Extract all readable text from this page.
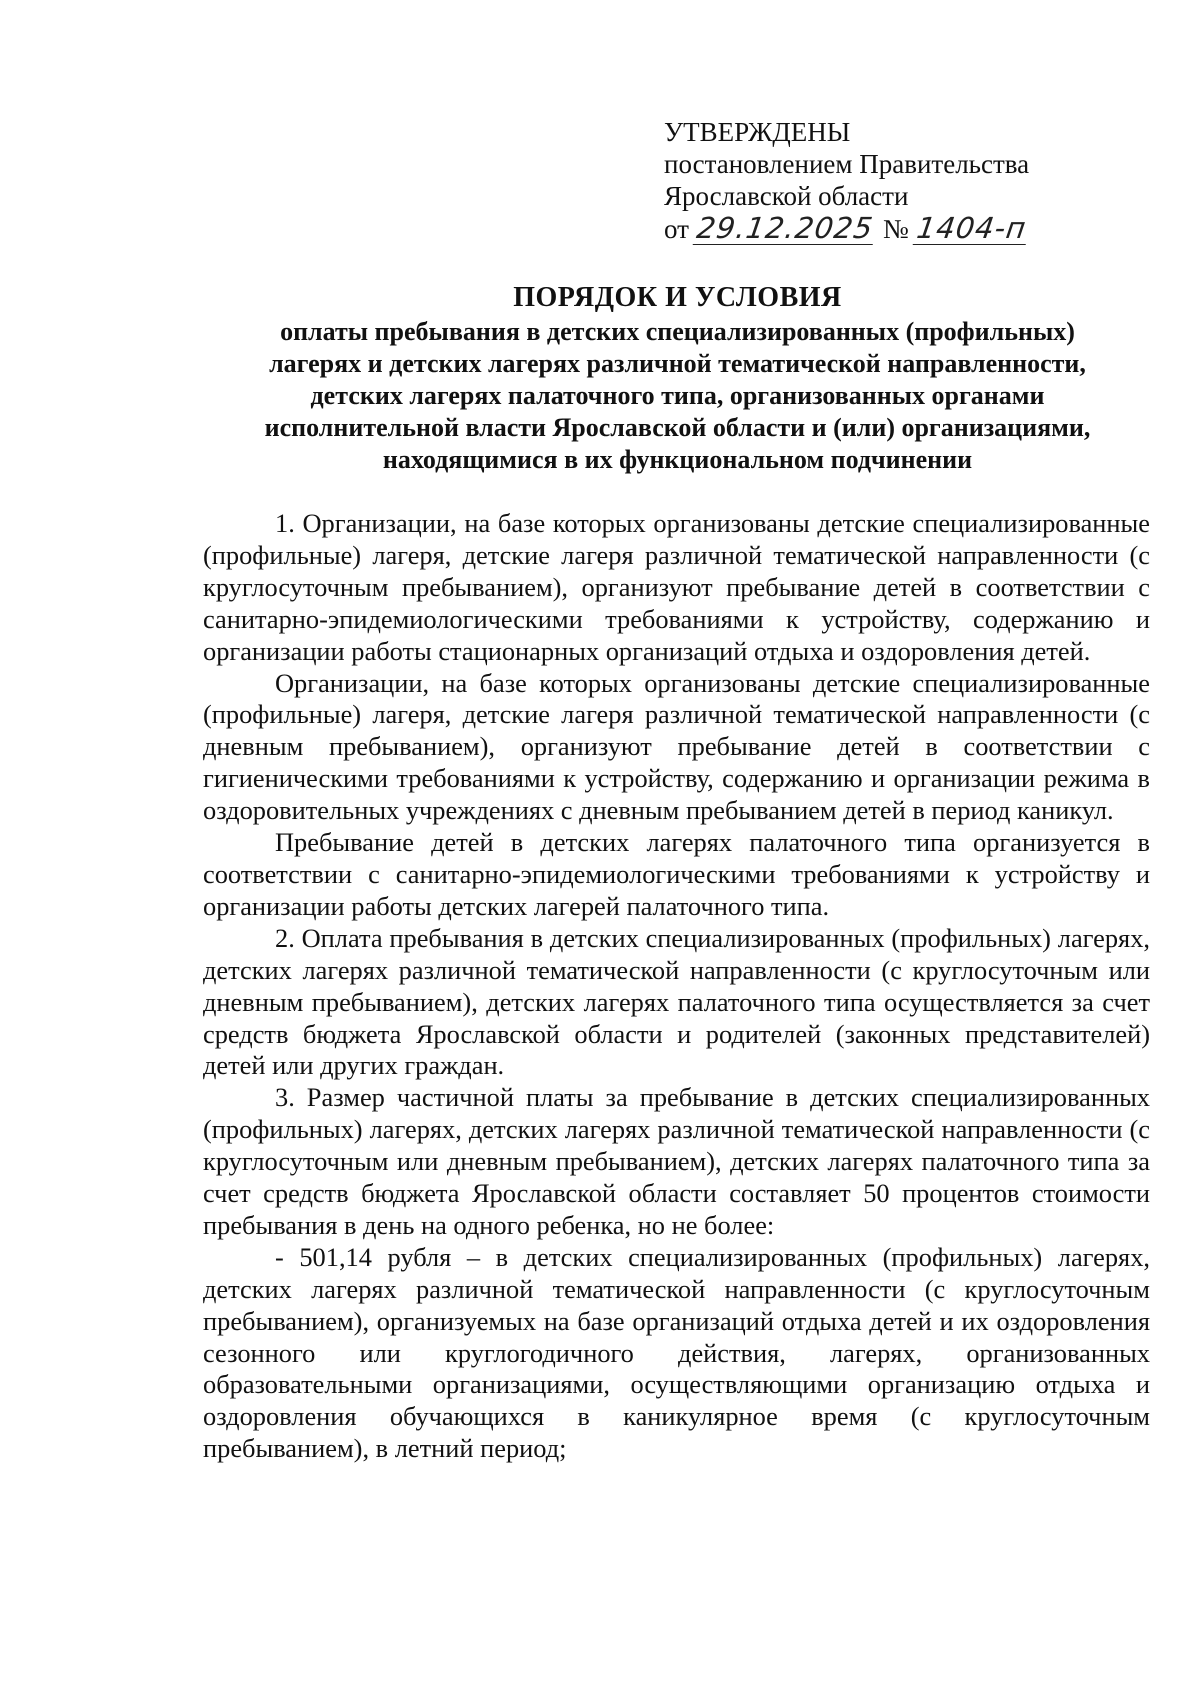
УТВЕРЖДЕНЫ
постановлением Правительства
Ярославской области
от 29.12.2025 № 1404-п
ПОРЯДОК И УСЛОВИЯ
оплаты пребывания в детских специализированных (профильных)
лагерях и детских лагерях различной тематической направленности,
детских лагерях палаточного типа, организованных органами
исполнительной власти Ярославской области и (или) организациями,
находящимися в их функциональном подчинении

1. Организации, на базе которых организованы детские специализированные (профильные) лагеря, детские лагеря различной тематической направленности (с круглосуточным пребыванием), организуют пребывание детей в соответствии с санитарно-эпидемиологическими требованиями к устройству, содержанию и организации работы стационарных организаций отдыха и оздоровления детей.

Организации, на базе которых организованы детские специализированные (профильные) лагеря, детские лагеря различной тематической направленности (с дневным пребыванием), организуют пребывание детей в соответствии с гигиеническими требованиями к устройству, содержанию и организации режима в оздоровительных учреждениях с дневным пребыванием детей в период каникул.

Пребывание детей в детских лагерях палаточного типа организуется в соответствии с санитарно-эпидемиологическими требованиями к устройству и организации работы детских лагерей палаточного типа.

2. Оплата пребывания в детских специализированных (профильных) лагерях, детских лагерях различной тематической направленности (с круглосуточным или дневным пребыванием), детских лагерях палаточного типа осуществляется за счет средств бюджета Ярославской области и родителей (законных представителей) детей или других граждан.

3. Размер частичной платы за пребывание в детских специализированных (профильных) лагерях, детских лагерях различной тематической направленности (с круглосуточным или дневным пребыванием), детских лагерях палаточного типа за счет средств бюджета Ярославской области составляет 50 процентов стоимости пребывания в день на одного ребенка, но не более:

- 501,14 рубля – в детских специализированных (профильных) лагерях, детских лагерях различной тематической направленности (с круглосуточным пребыванием), организуемых на базе организаций отдыха детей и их оздоровления сезонного или круглогодичного действия, лагерях, организованных образовательными организациями, осуществляющими организацию отдыха и оздоровления обучающихся в каникулярное время (с круглосуточным пребыванием), в летний период;
